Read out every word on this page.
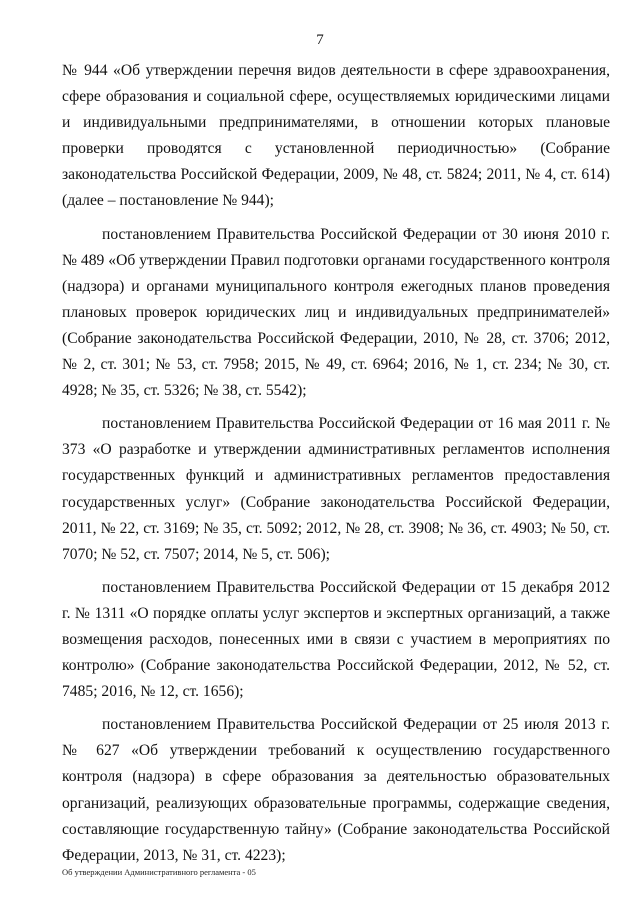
7

№ 944 «Об утверждении перечня видов деятельности в сфере здравоохранения, сфере образования и социальной сфере, осуществляемых юридическими лицами и индивидуальными предпринимателями, в отношении которых плановые проверки проводятся с установленной периодичностью» (Собрание законодательства Российской Федерации, 2009, № 48, ст. 5824; 2011, № 4, ст. 614) (далее – постановление № 944);

постановлением Правительства Российской Федерации от 30 июня 2010 г. № 489 «Об утверждении Правил подготовки органами государственного контроля (надзора) и органами муниципального контроля ежегодных планов проведения плановых проверок юридических лиц и индивидуальных предпринимателей» (Собрание законодательства Российской Федерации, 2010, № 28, ст. 3706; 2012, № 2, ст. 301; № 53, ст. 7958; 2015, № 49, ст. 6964; 2016, № 1, ст. 234; № 30, ст. 4928; № 35, ст. 5326; № 38, ст. 5542);

постановлением Правительства Российской Федерации от 16 мая 2011 г. № 373 «О разработке и утверждении административных регламентов исполнения государственных функций и административных регламентов предоставления государственных услуг» (Собрание законодательства Российской Федерации, 2011, № 22, ст. 3169; № 35, ст. 5092; 2012, № 28, ст. 3908; № 36, ст. 4903; № 50, ст. 7070; № 52, ст. 7507; 2014, № 5, ст. 506);

постановлением Правительства Российской Федерации от 15 декабря 2012 г. № 1311 «О порядке оплаты услуг экспертов и экспертных организаций, а также возмещения расходов, понесенных ими в связи с участием в мероприятиях по контролю» (Собрание законодательства Российской Федерации, 2012, № 52, ст. 7485; 2016, № 12, ст. 1656);

постановлением Правительства Российской Федерации от 25 июля 2013 г. № 627 «Об утверждении требований к осуществлению государственного контроля (надзора) в сфере образования за деятельностью образовательных организаций, реализующих образовательные программы, содержащие сведения, составляющие государственную тайну» (Собрание законодательства Российской Федерации, 2013, № 31, ст. 4223);

Об утверждении Административного регламента - 05
